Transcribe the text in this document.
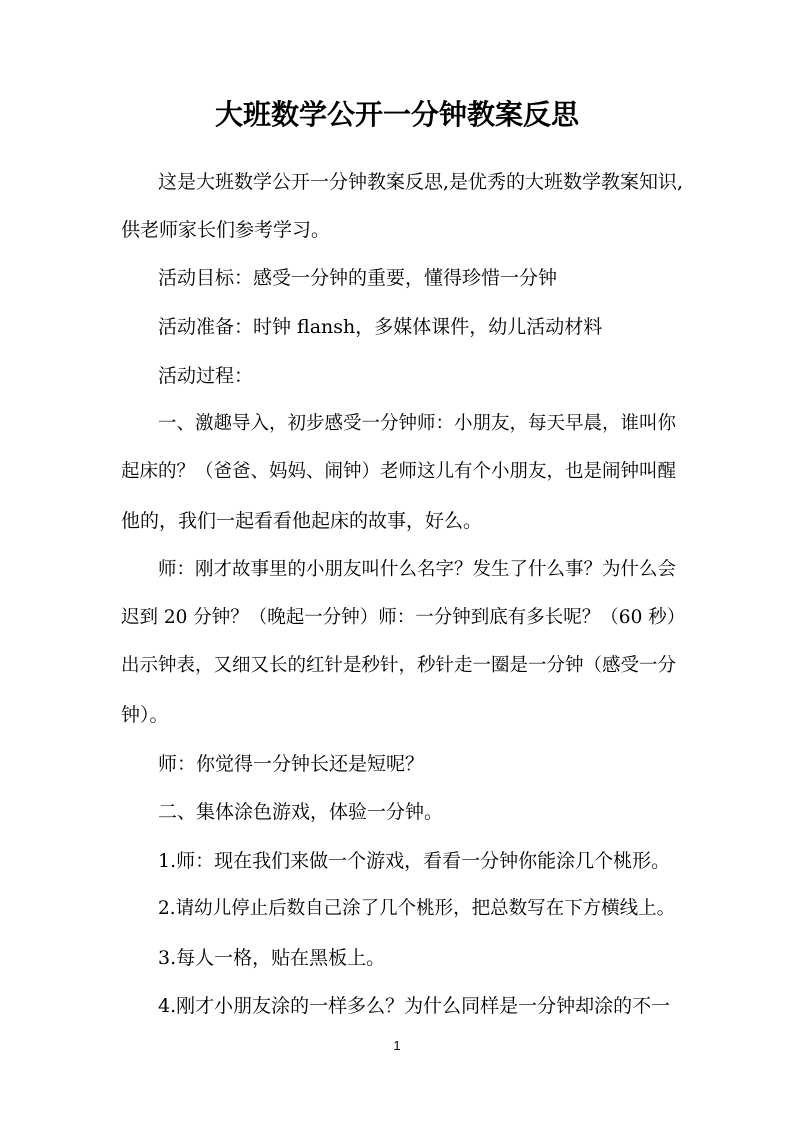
大班数学公开一分钟教案反思
这是大班数学公开一分钟教案反思,是优秀的大班数学教案知识,
供老师家长们参考学习。
活动目标：感受一分钟的重要，懂得珍惜一分钟
活动准备：时钟 flansh，多媒体课件，幼儿活动材料
活动过程：
一、激趣导入，初步感受一分钟师：小朋友，每天早晨，谁叫你
起床的？（爸爸、妈妈、闹钟）老师这儿有个小朋友，也是闹钟叫醒
他的，我们一起看看他起床的故事，好么。
师：刚才故事里的小朋友叫什么名字？发生了什么事？为什么会
迟到 20 分钟？（晚起一分钟）师：一分钟到底有多长呢？（60 秒）
出示钟表，又细又长的红针是秒针，秒针走一圈是一分钟（感受一分
钟）。
师：你觉得一分钟长还是短呢？
二、集体涂色游戏，体验一分钟。
1.师：现在我们来做一个游戏，看看一分钟你能涂几个桃形。
2.请幼儿停止后数自己涂了几个桃形，把总数写在下方横线上。
3.每人一格，贴在黑板上。
4.刚才小朋友涂的一样多么？为什么同样是一分钟却涂的不一
1
